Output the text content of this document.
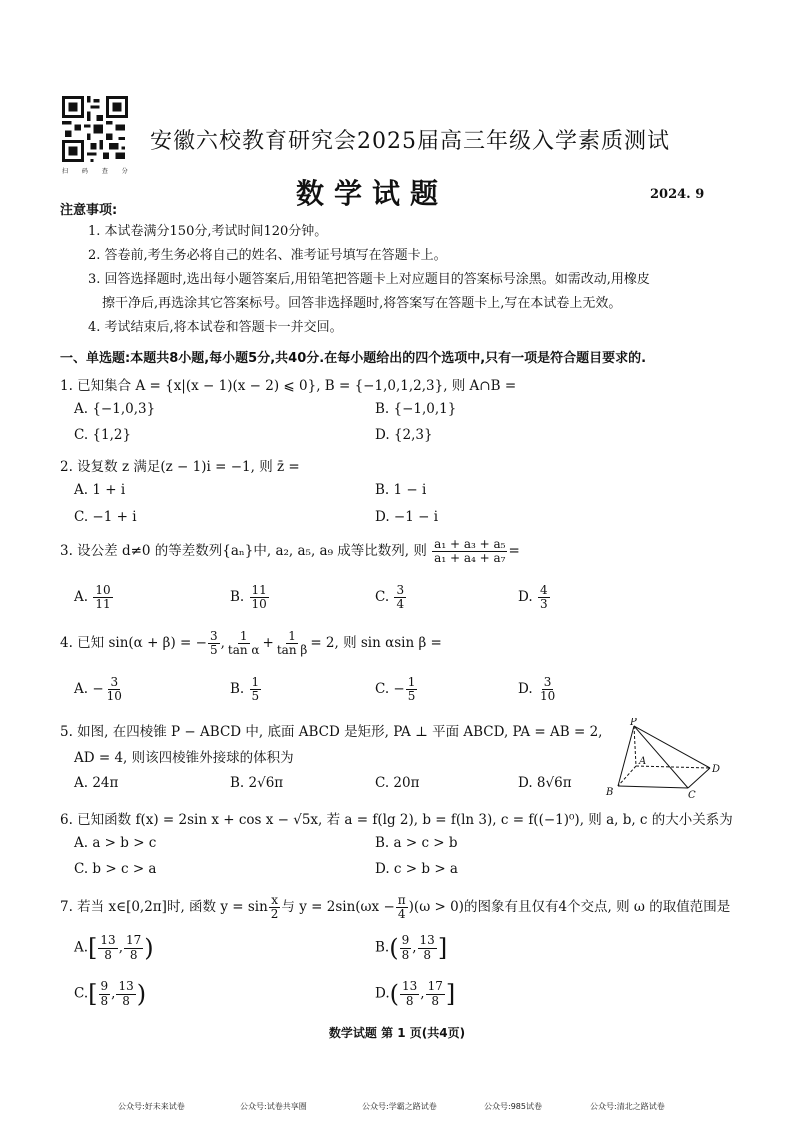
扫 码 查 分
安徽六校教育研究会2025届高三年级入学素质测试
数学试题	2024. 9
注意事项:
1. 本试卷满分150分,考试时间120分钟。
2. 答卷前,考生务必将自己的姓名、准考证号填写在答题卡上。
3. 回答选择题时,选出每小题答案后,用铅笔把答题卡上对应题目的答案标号涂黑。如需改动,用橡皮
擦干净后,再选涂其它答案标号。回答非选择题时,将答案写在答题卡上,写在本试卷上无效。
4. 考试结束后,将本试卷和答题卡一并交回。
一、单选题:本题共8小题,每小题5分,共40分.在每小题给出的四个选项中,只有一项是符合题目要求的.
1. 已知集合 A = {x|(x − 1)(x − 2) ⩽ 0}, B = {−1,0,1,2,3}, 则 A∩B =
A. {−1,0,3}	B. {−1,0,1}
C. {1,2}	D. {2,3}
2. 设复数 z 满足(z − 1)i = −1, 则 z̄ =
A. 1 + i	B. 1 − i
C. −1 + i	D. −1 − i
3. 设公差 d≠0 的等差数列{aₙ}中, a₂, a₅, a₉ 成等比数列, 则 $\frac{\text{a₁ + a₃ + a₅}}{\text{a₁ + a₄ + a₇}}$ =
A. $\frac{10}{11}$	B. $\frac{11}{10}$	C. $\frac{3}{4}$	D. $\frac{4}{3}$
4. 已知 sin(α + β) = − $\frac{3}{5}$ , $\frac{1}{\text{tan α}} + \frac{1}{\text{tan β}} = 2$, 则 sin αsin β =
A. − $\frac{3}{10}$	B. $\frac{1}{5}$	C. − $\frac{1}{5}$	D. $\frac{3}{10}$
5. 如图, 在四棱锥 P − ABCD 中, 底面 ABCD 是矩形, PA ⊥ 平面 ABCD, PA = AB = 2,
AD = 4, 则该四棱锥外接球的体积为
A. 24π	B. 2√6π	C. 20π	D. 8√6π
P
A
B	C
D
6. 已知函数 f(x) = 2sin x + cos x − √5x, 若 a = f(lg 2), b = f(ln 3), c = f((−1)⁰), 则 a, b, c 的大小关系为
A. a > b > c	B. a > c > b
C. b > c > a	D. c > b > a
7. 若当 x∈[0,2π]时, 函数 $y = \sin \frac{x}{2}$ 与 $y = 2\sin(\omega x - \frac{\pi}{4} )(\omega > 0)$的图象有且仅有4个交点, 则 ω 的取值范围是
$A.[ \frac{13}{8}$ , $\frac{17}{8}$ )	$B.( \frac{9}{8}$ , $\frac{13}{8}$ ]
$C.[ \frac{9}{8}$ , $\frac{13}{8}$ )	$D.( \frac{13}{8}$ , $\frac{17}{8}$ ]
数学试题 第 1 页(共4页)
公众号:好未来试卷	公众号:试卷共享圈	公众号:学霸之路试卷	公众号:985试卷	公众号:清北之路试卷
